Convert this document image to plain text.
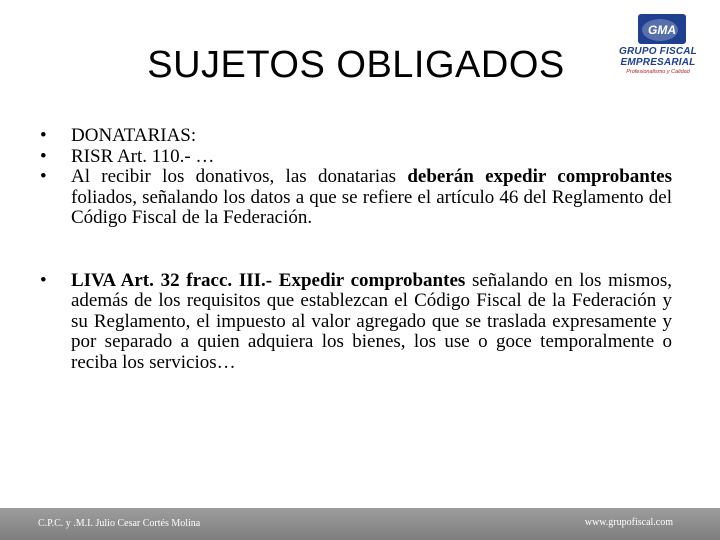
SUJETOS OBLIGADOS
GMA
GRUPO FISCAL
EMPRESARIAL
Profesionalismo y Calidad
•	DONATARIAS:
•	RISR Art. 110.- …
•	Al recibir los donativos, las donatarias deberán expedir comprobantes foliados, señalando los datos a que se refiere el artículo 46 del Reglamento del Código Fiscal de la Federación.
•	LIVA Art. 32 fracc. III.- Expedir comprobantes señalando en los mismos, además de los requisitos que establezcan el Código Fiscal de la Federación y su Reglamento, el impuesto al valor agregado que se traslada expresamente y por separado a quien adquiera los bienes, los use o goce temporalmente o reciba los servicios…
C.P.C. y .M.I. Julio Cesar Cortés Molina	www.grupofiscal.com
